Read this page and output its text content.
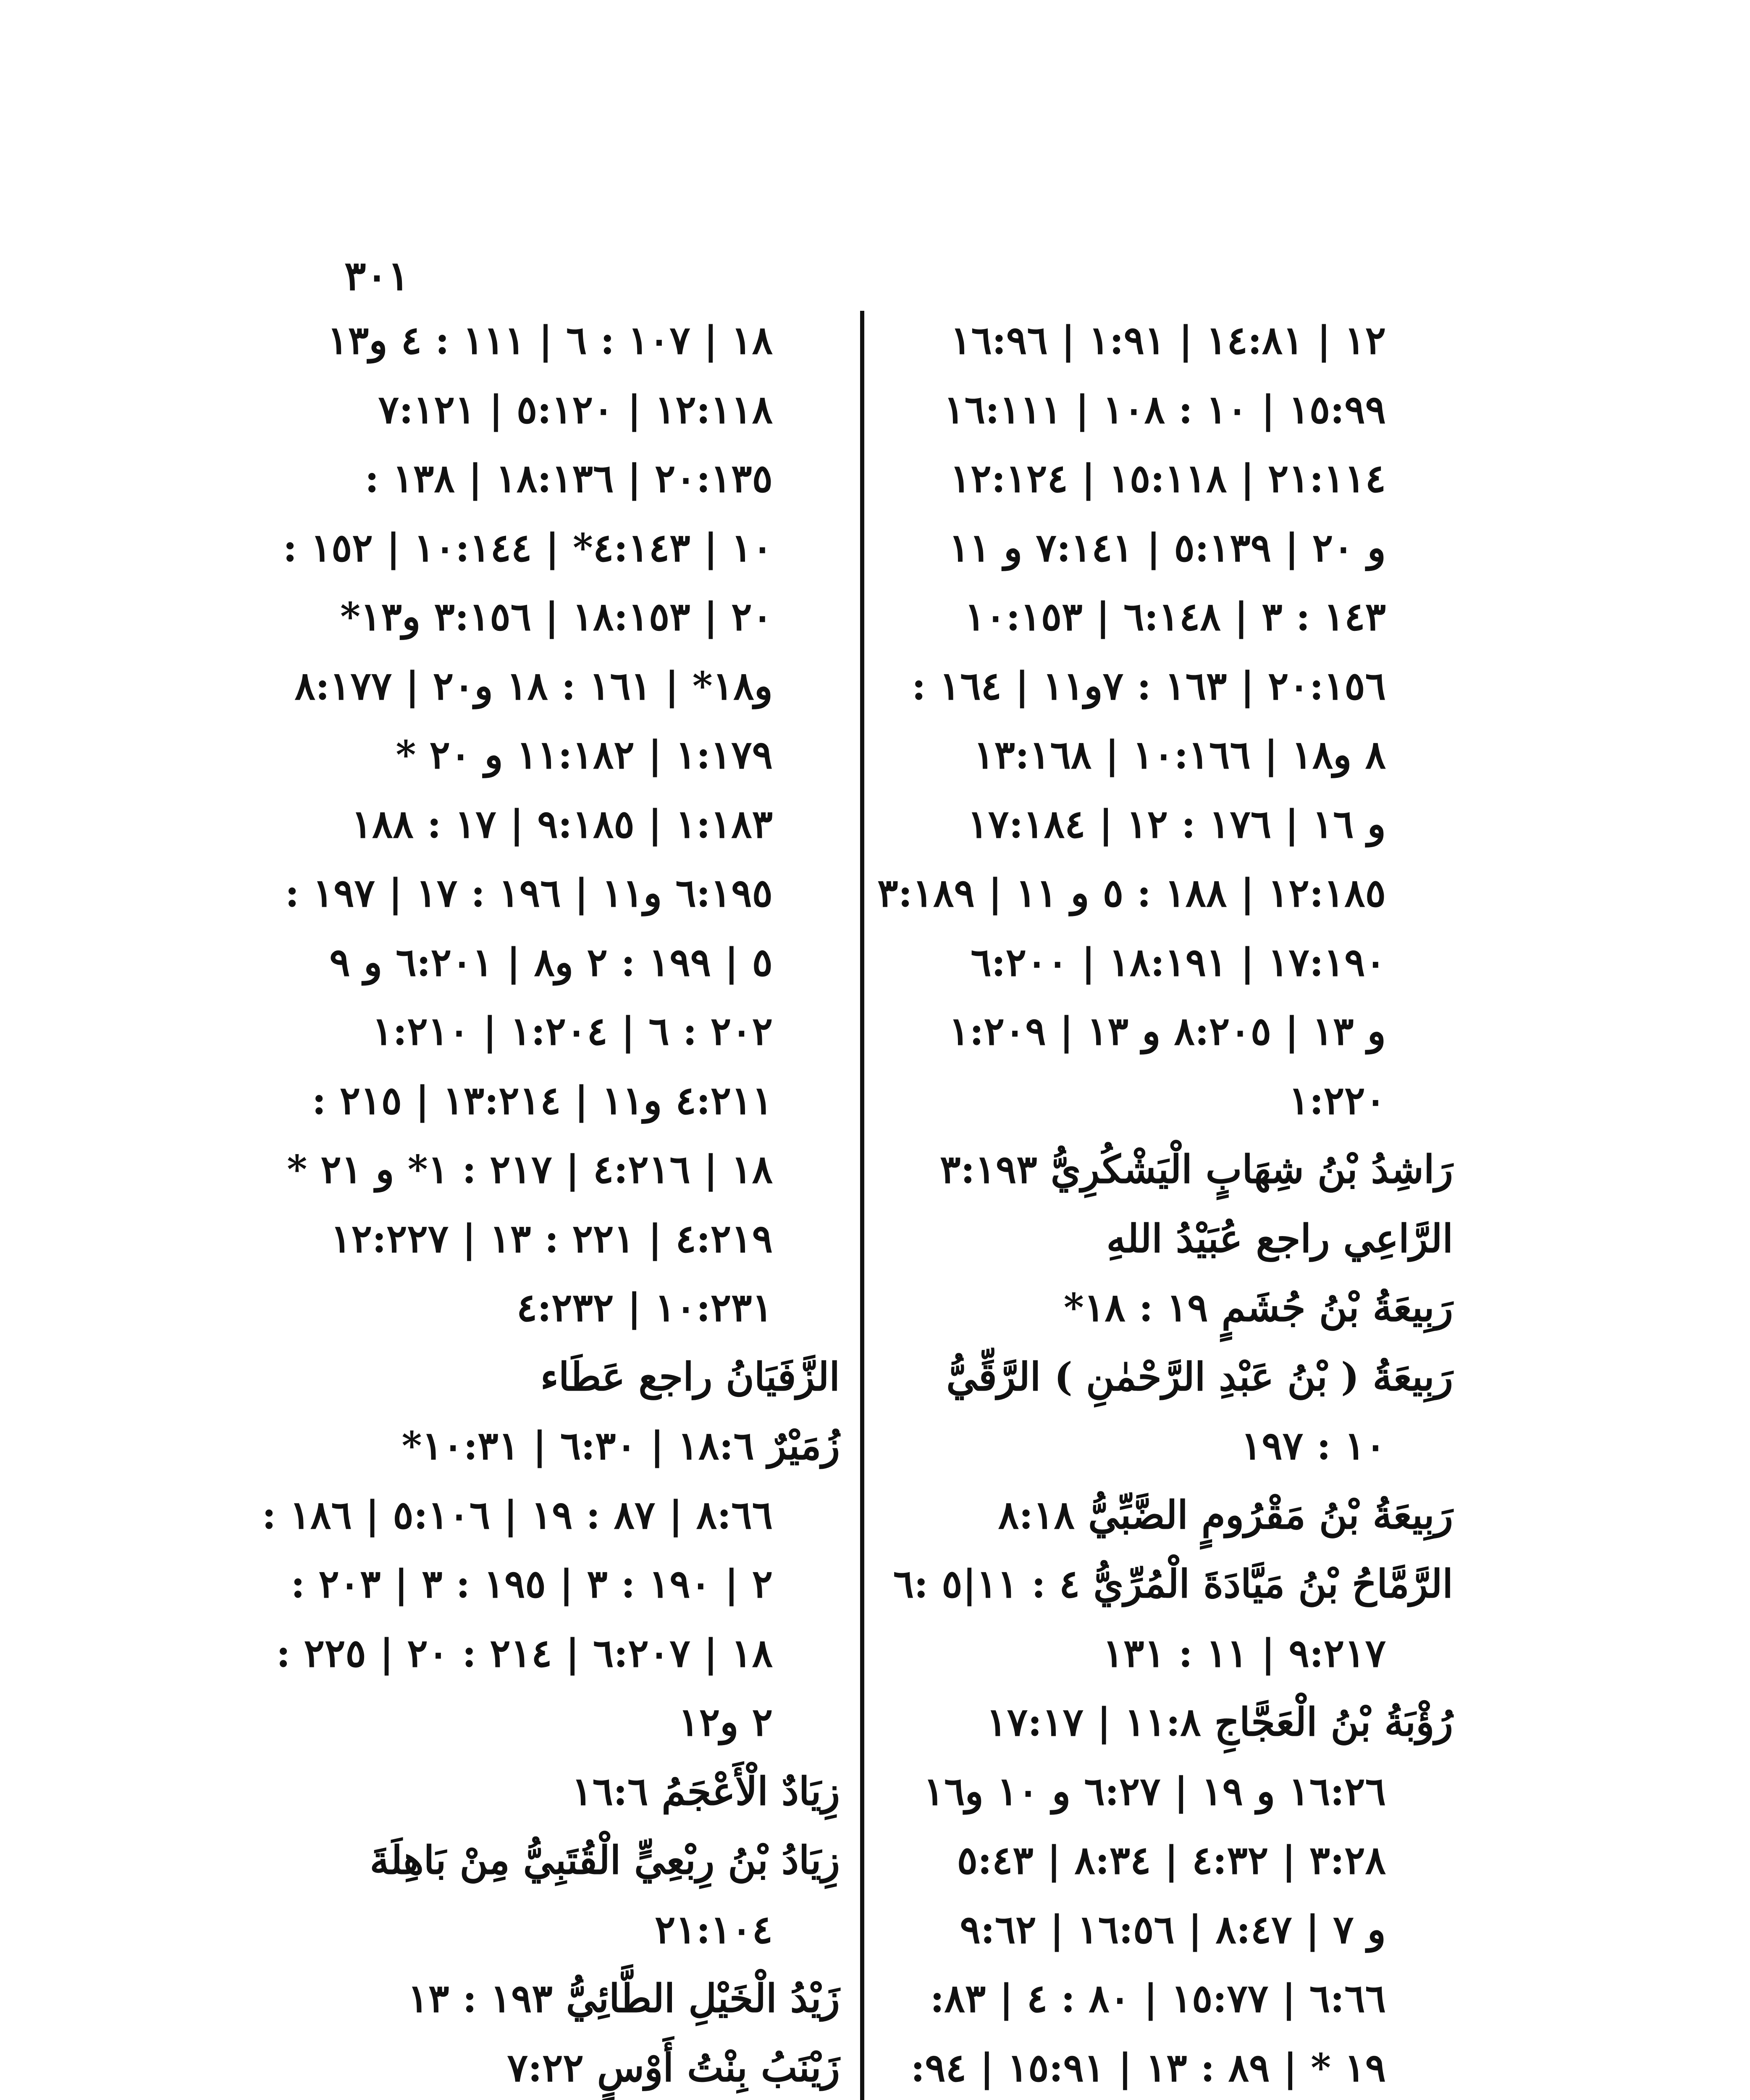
٣٠١
١٢ | ١٤:٨١ | ١:٩١ | ١٦:٩٦
١٥:٩٩ | ١٠ : ١٠٨ | ١٦:١١١
٢١:١١٤ | ١٥:١١٨ | ١٢:١٢٤
و ٢٠ | ٥:١٣٩ | ٧:١٤١ و ١١
١٤٣ : ٣ | ٦:١٤٨ | ١٠:١٥٣
٢٠:١٥٦ | ١٦٣ : ٧و١١ | ١٦٤ :
٨ و١٨ | ١٠:١٦٦ | ١٣:١٦٨
و ١٦ | ١٧٦ : ١٢ | ١٧:١٨٤
١٢:١٨٥ | ١٨٨ : ٥ و ١١ | ٣:١٨٩
١٧:١٩٠ | ١٨:١٩١ | ٦:٢٠٠
و ١٣ | ٨:٢٠٥ و ١٣ | ١:٢٠٩
١:٢٢٠
رَاشِدُ بْنُ شِهَابٍ الْيَشْكُرِيُّ ٣:١٩٣
الرَّاعِي راجع عُبَيْدُ اللهِ
رَبِيعَةُ بْنُ جُشَمٍ ١٩ : ١٨*
رَبِيعَةُ ( بْنُ عَبْدِ الرَّحْمٰنِ ) الرَّقِّيُّ
١٠ : ١٩٧
رَبِيعَةُ بْنُ مَقْرُومٍ الضَّبِّيُّ ٨:١٨
الرَّمَّاحُ بْنُ مَيَّادَةَ الْمُرِّيُّ ٤ : ١١|٥ :٦
٩:٢١٧ | ١١ : ١٣١
رُؤْبَةُ بْنُ الْعَجَّاجِ ١١:٨ | ١٧:١٧
١٦:٢٦ و ١٩ | ٦:٢٧ و ١٠ و١٦
٣:٢٨ | ٤:٣٢ | ٨:٣٤ | ٥:٤٣
و ٧ | ٨:٤٧ | ١٦:٥٦ | ٩:٦٢
٦:٦٦ | ١٥:٧٧ | ٨٠ : ٤ | ٨٣:
١٩ * | ٨٩ : ١٣ | ١٥:٩١ | ٩٤:
١٨ | ١٠٧ : ٦ | ١١١ : ٤ و١٣
١٢:١١٨ | ٥:١٢٠ | ٧:١٢١
٢٠:١٣٥ | ١٨:١٣٦ | ١٣٨ :
١٠ | ٤:١٤٣* | ١٠:١٤٤ | ١٥٢ :
٢٠ | ١٨:١٥٣ | ٣:١٥٦ و١٣*
و١٨* | ١٦١ : ١٨ و٢٠ | ٨:١٧٧
١:١٧٩ | ١١:١٨٢ و ٢٠ *
١:١٨٣ | ٩:١٨٥ | ١٧ : ١٨٨
٦:١٩٥ و١١ | ١٩٦ : ١٧ | ١٩٧ :
٥ | ١٩٩ : ٢ و٨ | ٦:٢٠١ و ٩
٢٠٢ : ٦ | ١:٢٠٤ | ١:٢١٠
٤:٢١١ و١١ | ١٣:٢١٤ | ٢١٥ :
١٨ | ٤:٢١٦ | ٢١٧ : ١* و ٢١ *
٤:٢١٩ | ٢٢١ : ١٣ | ١٢:٢٢٧
١٠:٢٣١ | ٤:٢٣٢
الزَّفَيَانُ راجع عَطَاء
زُمَيْرٌ ١٨:٦ | ٦:٣٠ | ١٠:٣١*
٨:٦٦ | ٨٧ : ١٩ | ٥:١٠٦ | ١٨٦ :
٢ | ١٩٠ : ٣ | ١٩٥ : ٣ | ٢٠٣ :
١٨ | ٦:٢٠٧ | ٢١٤ : ٢٠ | ٢٢٥ :
٢ و١٢
زِيَادٌ الْأَعْجَمُ ١٦:٦
زِيَادُ بْنُ رِبْعِيٍّ الْقُتَبِيُّ مِنْ بَاهِلَةَ
٢١:١٠٤
زَيْدُ الْخَيْلِ الطَّائِيُّ ١٩٣ : ١٣
زَيْنَبُ بِنْتُ أَوْسٍ ٧:٢٢
